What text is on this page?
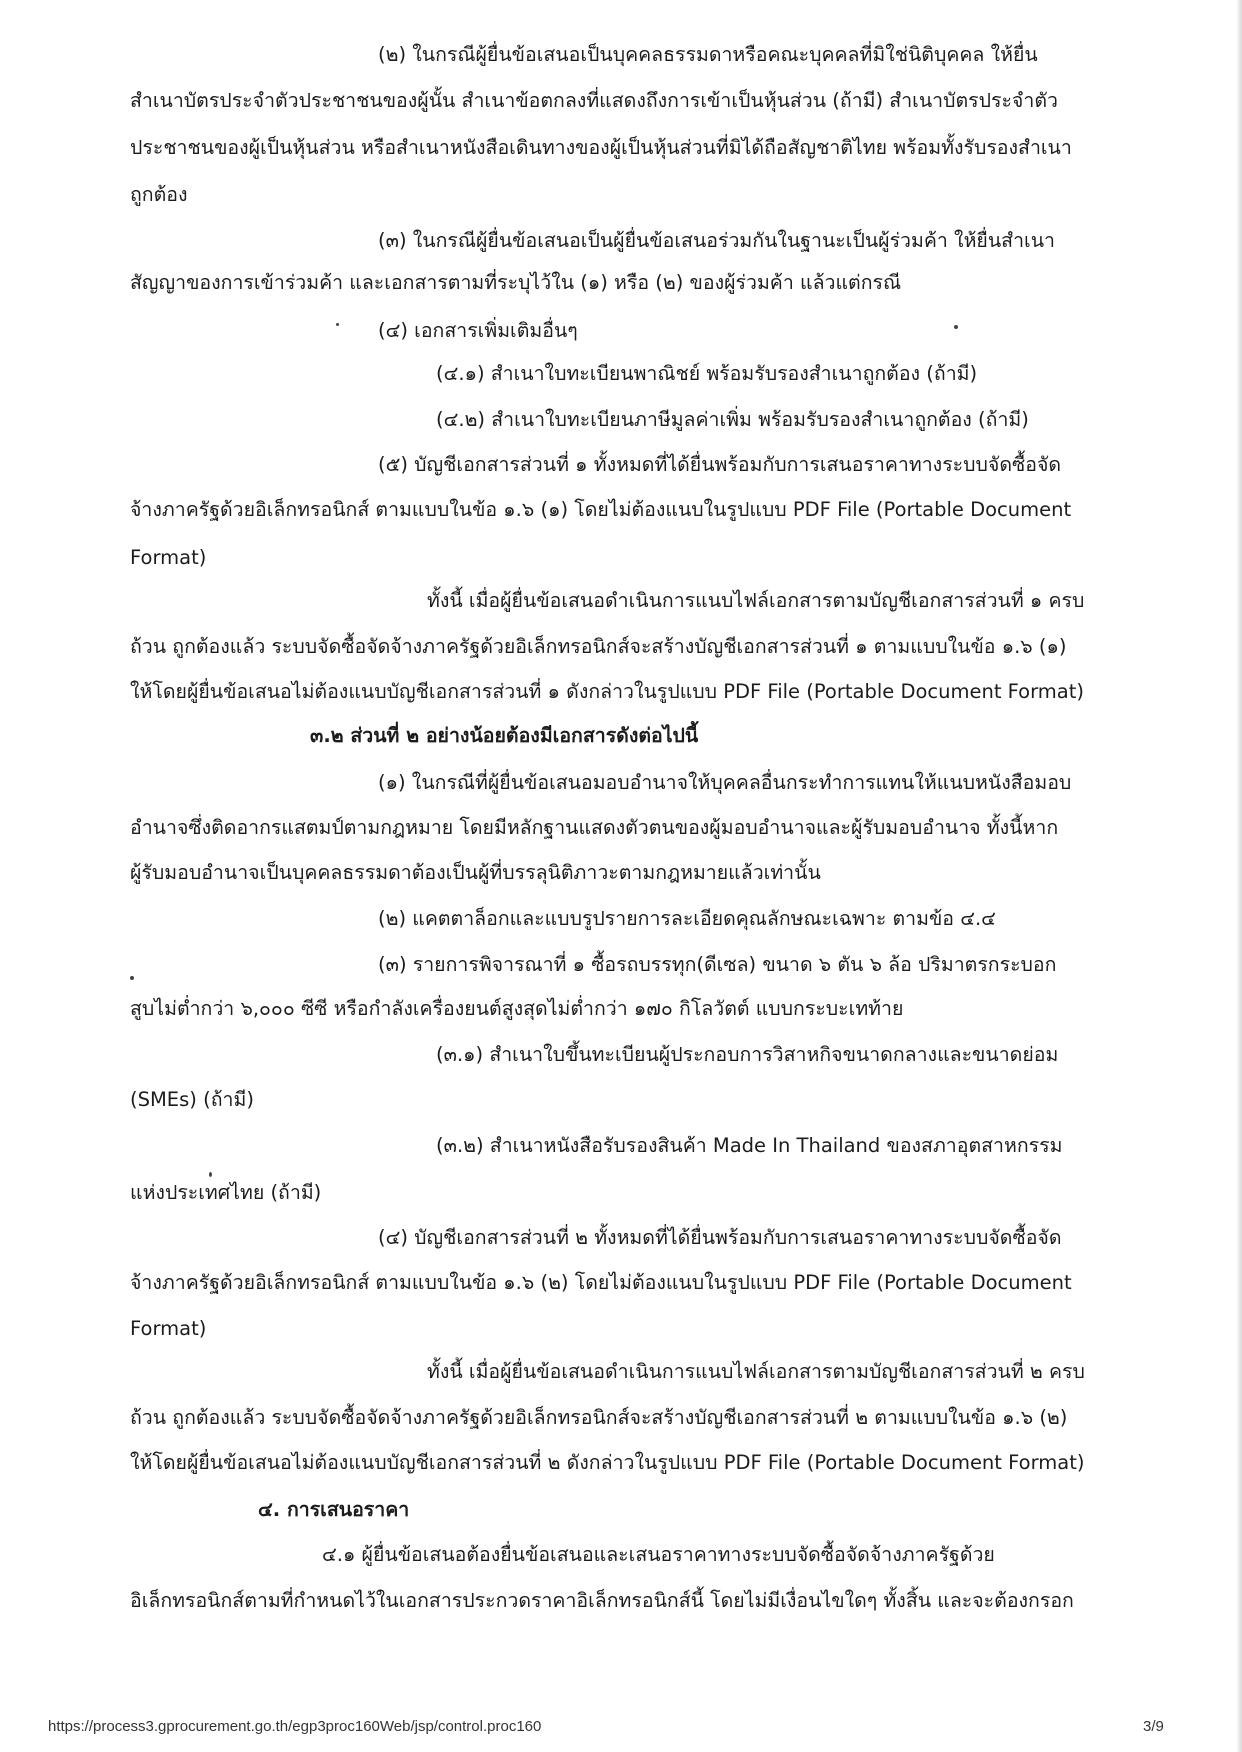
(๒) ในกรณีผู้ยื่นข้อเสนอเป็นบุคคลธรรมดาหรือคณะบุคคลที่มิใช่นิติบุคคล ให้ยื่น
สำเนาบัตรประจำตัวประชาชนของผู้นั้น สำเนาข้อตกลงที่แสดงถึงการเข้าเป็นหุ้นส่วน (ถ้ามี) สำเนาบัตรประจำตัว
ประชาชนของผู้เป็นหุ้นส่วน หรือสำเนาหนังสือเดินทางของผู้เป็นหุ้นส่วนที่มิได้ถือสัญชาติไทย พร้อมทั้งรับรองสำเนา
ถูกต้อง
(๓) ในกรณีผู้ยื่นข้อเสนอเป็นผู้ยื่นข้อเสนอร่วมกันในฐานะเป็นผู้ร่วมค้า ให้ยื่นสำเนา
สัญญาของการเข้าร่วมค้า และเอกสารตามที่ระบุไว้ใน (๑) หรือ (๒) ของผู้ร่วมค้า แล้วแต่กรณี
(๔) เอกสารเพิ่มเติมอื่นๆ
(๔.๑) สำเนาใบทะเบียนพาณิชย์ พร้อมรับรองสำเนาถูกต้อง (ถ้ามี)
(๔.๒) สำเนาใบทะเบียนภาษีมูลค่าเพิ่ม พร้อมรับรองสำเนาถูกต้อง (ถ้ามี)
(๕) บัญชีเอกสารส่วนที่ ๑ ทั้งหมดที่ได้ยื่นพร้อมกับการเสนอราคาทางระบบจัดซื้อจัด
จ้างภาครัฐด้วยอิเล็กทรอนิกส์ ตามแบบในข้อ ๑.๖ (๑) โดยไม่ต้องแนบในรูปแบบ PDF File (Portable Document
Format)
ทั้งนี้ เมื่อผู้ยื่นข้อเสนอดำเนินการแนบไฟล์เอกสารตามบัญชีเอกสารส่วนที่ ๑ ครบ
ถ้วน ถูกต้องแล้ว ระบบจัดซื้อจัดจ้างภาครัฐด้วยอิเล็กทรอนิกส์จะสร้างบัญชีเอกสารส่วนที่ ๑ ตามแบบในข้อ ๑.๖ (๑)
ให้โดยผู้ยื่นข้อเสนอไม่ต้องแนบบัญชีเอกสารส่วนที่ ๑ ดังกล่าวในรูปแบบ PDF File (Portable Document Format)
๓.๒ ส่วนที่ ๒ อย่างน้อยต้องมีเอกสารดังต่อไปนี้
(๑) ในกรณีที่ผู้ยื่นข้อเสนอมอบอำนาจให้บุคคลอื่นกระทำการแทนให้แนบหนังสือมอบ
อำนาจซึ่งติดอากรแสตมป์ตามกฎหมาย โดยมีหลักฐานแสดงตัวตนของผู้มอบอำนาจและผู้รับมอบอำนาจ ทั้งนี้หาก
ผู้รับมอบอำนาจเป็นบุคคลธรรมดาต้องเป็นผู้ที่บรรลุนิติภาวะตามกฎหมายแล้วเท่านั้น
(๒) แคตตาล็อกและแบบรูปรายการละเอียดคุณลักษณะเฉพาะ ตามข้อ ๔.๔
(๓) รายการพิจารณาที่ ๑ ซื้อรถบรรทุก(ดีเซล) ขนาด ๖ ตัน ๖ ล้อ ปริมาตรกระบอก
สูบไม่ต่ำกว่า ๖,๐๐๐ ซีซี หรือกำลังเครื่องยนต์สูงสุดไม่ต่ำกว่า ๑๗๐ กิโลวัตต์ แบบกระบะเทท้าย
(๓.๑) สำเนาใบขึ้นทะเบียนผู้ประกอบการวิสาหกิจขนาดกลางและขนาดย่อม
(SMEs) (ถ้ามี)
(๓.๒) สำเนาหนังสือรับรองสินค้า Made In Thailand ของสภาอุตสาหกรรม
แห่งประเทศไทย (ถ้ามี)
(๔) บัญชีเอกสารส่วนที่ ๒ ทั้งหมดที่ได้ยื่นพร้อมกับการเสนอราคาทางระบบจัดซื้อจัด
จ้างภาครัฐด้วยอิเล็กทรอนิกส์ ตามแบบในข้อ ๑.๖ (๒) โดยไม่ต้องแนบในรูปแบบ PDF File (Portable Document
Format)
ทั้งนี้ เมื่อผู้ยื่นข้อเสนอดำเนินการแนบไฟล์เอกสารตามบัญชีเอกสารส่วนที่ ๒ ครบ
ถ้วน ถูกต้องแล้ว ระบบจัดซื้อจัดจ้างภาครัฐด้วยอิเล็กทรอนิกส์จะสร้างบัญชีเอกสารส่วนที่ ๒ ตามแบบในข้อ ๑.๖ (๒)
ให้โดยผู้ยื่นข้อเสนอไม่ต้องแนบบัญชีเอกสารส่วนที่ ๒ ดังกล่าวในรูปแบบ PDF File (Portable Document Format)
๔. การเสนอราคา
๔.๑ ผู้ยื่นข้อเสนอต้องยื่นข้อเสนอและเสนอราคาทางระบบจัดซื้อจัดจ้างภาครัฐด้วย
อิเล็กทรอนิกส์ตามที่กำหนดไว้ในเอกสารประกวดราคาอิเล็กทรอนิกส์นี้ โดยไม่มีเงื่อนไขใดๆ ทั้งสิ้น และจะต้องกรอก
https://process3.gprocurement.go.th/egp3proc160Web/jsp/control.proc160	3/9
